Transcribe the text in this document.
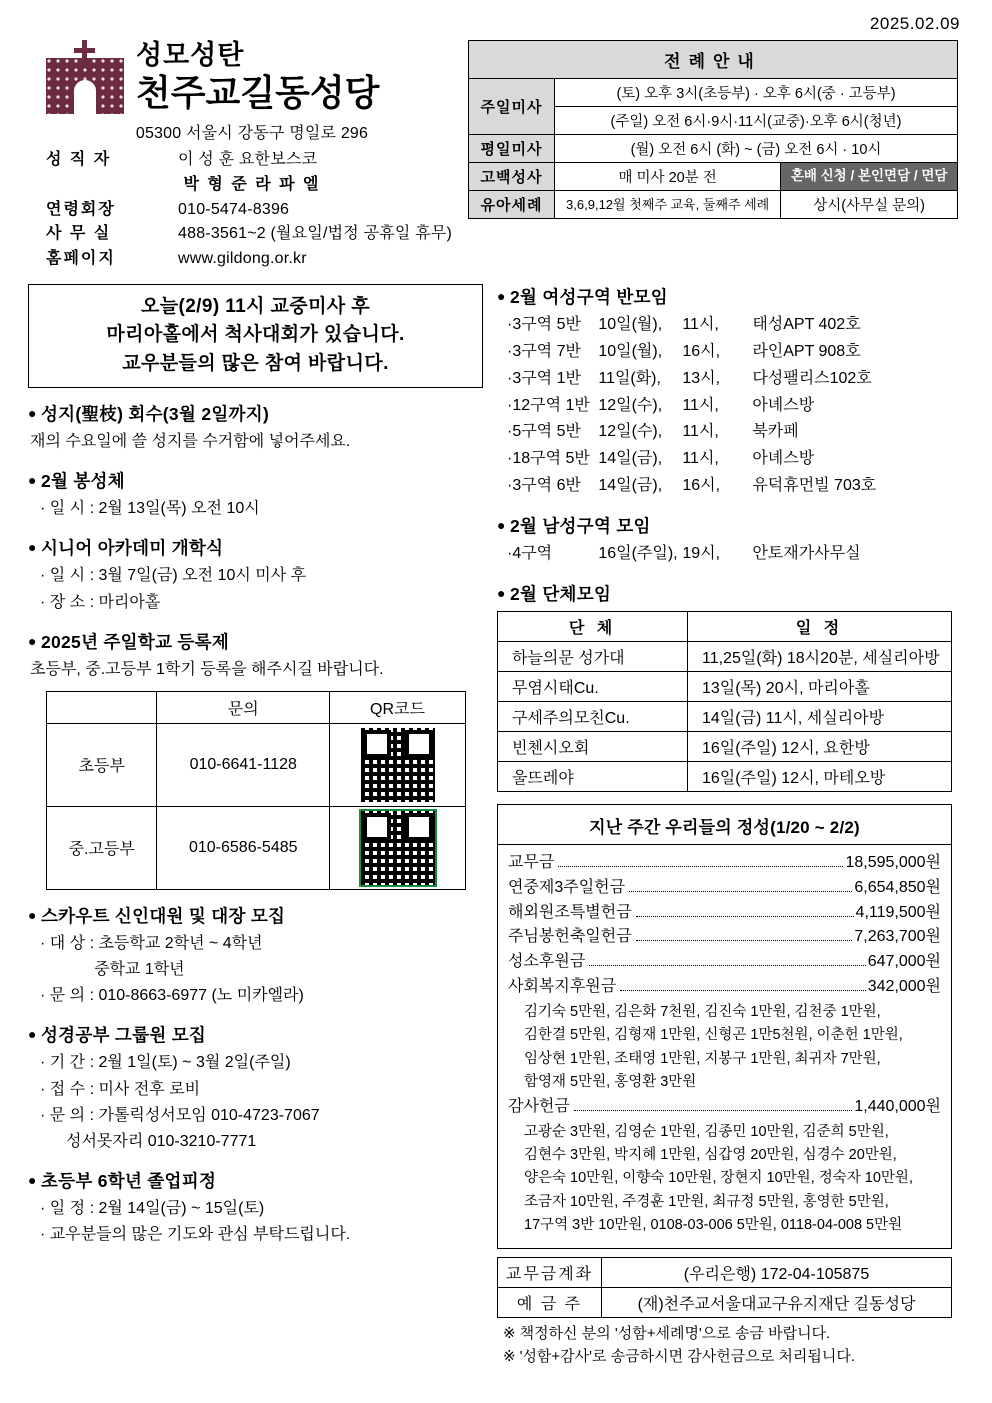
2025.02.09
성모성탄
천주교길동성당
05300 서울시 강동구 명일로 296
성 직 자	이 성 훈 요한보스코
박 형 준 라 파 엘
연령회장	010-5474-8396
사 무 실	488-3561~2 (월요일/법정 공휴일 휴무)
홈페이지	www.gildong.or.kr
전례안내		
주일미사	(토) 오후 3시(초등부) · 오후 6시(중 · 고등부)	
	(주일) 오전 6시·9시·11시(교중)·오후 6시(청년)	
평일미사	(월) 오전 6시 (화) ~ (금) 오전 6시 · 10시	
고백성사	매 미사 20분 전	혼배 신청 / 본인면담 / 면담
유아세례	3,6,9,12월 첫째주 교육, 둘째주 세례	상시(사무실 문의)
오늘(2/9) 11시 교중미사 후
마리아홀에서 척사대회가 있습니다.
교우분들의 많은 참여 바랍니다.
● 성지(聖枝) 회수(3월 2일까지)
재의 수요일에 쓸 성지를 수거함에 넣어주세요.
● 2월 봉성체
· 일 시 : 2월 13일(목) 오전 10시
● 시니어 아카데미 개학식
· 일 시 : 3월 7일(금) 오전 10시 미사 후
· 장 소 : 마리아홀
● 2025년 주일학교 등록제
초등부, 중.고등부 1학기 등록을 해주시길 바랍니다.
	문의	QR코드
초등부	010-6641-1128	

중.고등부	010-6586-5485	
● 스카우트 신인대원 및 대장 모집
· 대 상 : 초등학교 2학년 ~ 4학년
중학교 1학년
· 문 의 : 010-8663-6977 (노 미카엘라)
● 성경공부 그룹원 모집
· 기 간 : 2월 1일(토) ~ 3월 2일(주일)
· 접 수 : 미사 전후 로비
· 문 의 : 가톨릭성서모임 010-4723-7067
성서못자리 010-3210-7771
● 초등부 6학년 졸업피정
· 일 정 : 2월 14일(금) ~ 15일(토)
· 교우분들의 많은 기도와 관심 부탁드립니다.
● 2월 여성구역 반모임
· 3구역 5반	10일(월),	11시,	태성APT 402호
· 3구역 7반	10일(월),	16시,	라인APT 908호
· 3구역 1반	11일(화),	13시,	다성팰리스102호
· 12구역 1반 12일(수),	11시,	아녜스방
· 5구역 5반	12일(수),	11시,	북카페
· 18구역 5반 14일(금),	11시,	아녜스방
· 3구역 6반	14일(금),	16시,	유덕휴먼빌 703호
● 2월 남성구역 모임
· 4구역	16일(주일), 19시,	안토재가사무실
● 2월 단체모임
단 체	일 정
하늘의문 성가대	11,25일(화) 18시20분, 세실리아방
무염시태Cu.	13일(목) 20시, 마리아홀
구세주의모친Cu.	14일(금) 11시, 세실리아방
빈첸시오회	16일(주일) 12시, 요한방
울뜨레야	16일(주일) 12시, 마테오방
지난 주간 우리들의 정성(1/20 ~ 2/2)
교무금	18,595,000원
연중제3주일헌금	6,654,850원
해외원조특별헌금	4,119,500원
주님봉헌축일헌금	7,263,700원
성소후원금	647,000원
사회복지후원금	342,000원
김기숙 5만원, 김은화 7천원, 김진숙 1만원, 김천중 1만원,
김한결 5만원, 김형재 1만원, 신형곤 1만5천원, 이춘헌 1만원,
임상현 1만원, 조태영 1만원, 지봉구 1만원, 최귀자 7만원,
함영재 5만원, 홍영환 3만원
감사헌금	1,440,000원
고광순 3만원, 김영순 1만원, 김종민 10만원, 김준희 5만원,
김현수 3만원, 박지혜 1만원, 심갑영 20만원, 심경수 20만원,
양은숙 10만원, 이향숙 10만원, 장현지 10만원, 정숙자 10만원,
조금자 10만원, 주경훈 1만원, 최규정 5만원, 홍영한 5만원,
17구역 3반 10만원, 0108-03-006 5만원, 0118-04-008 5만원
교무금계좌	(우리은행) 172-04-105875
예 금 주	(재)천주교서울대교구유지재단 길동성당
※ 책정하신 분의 '성함+세례명'으로 송금 바랍니다.
※ '성함+감사'로 송금하시면 감사헌금으로 처리됩니다.
